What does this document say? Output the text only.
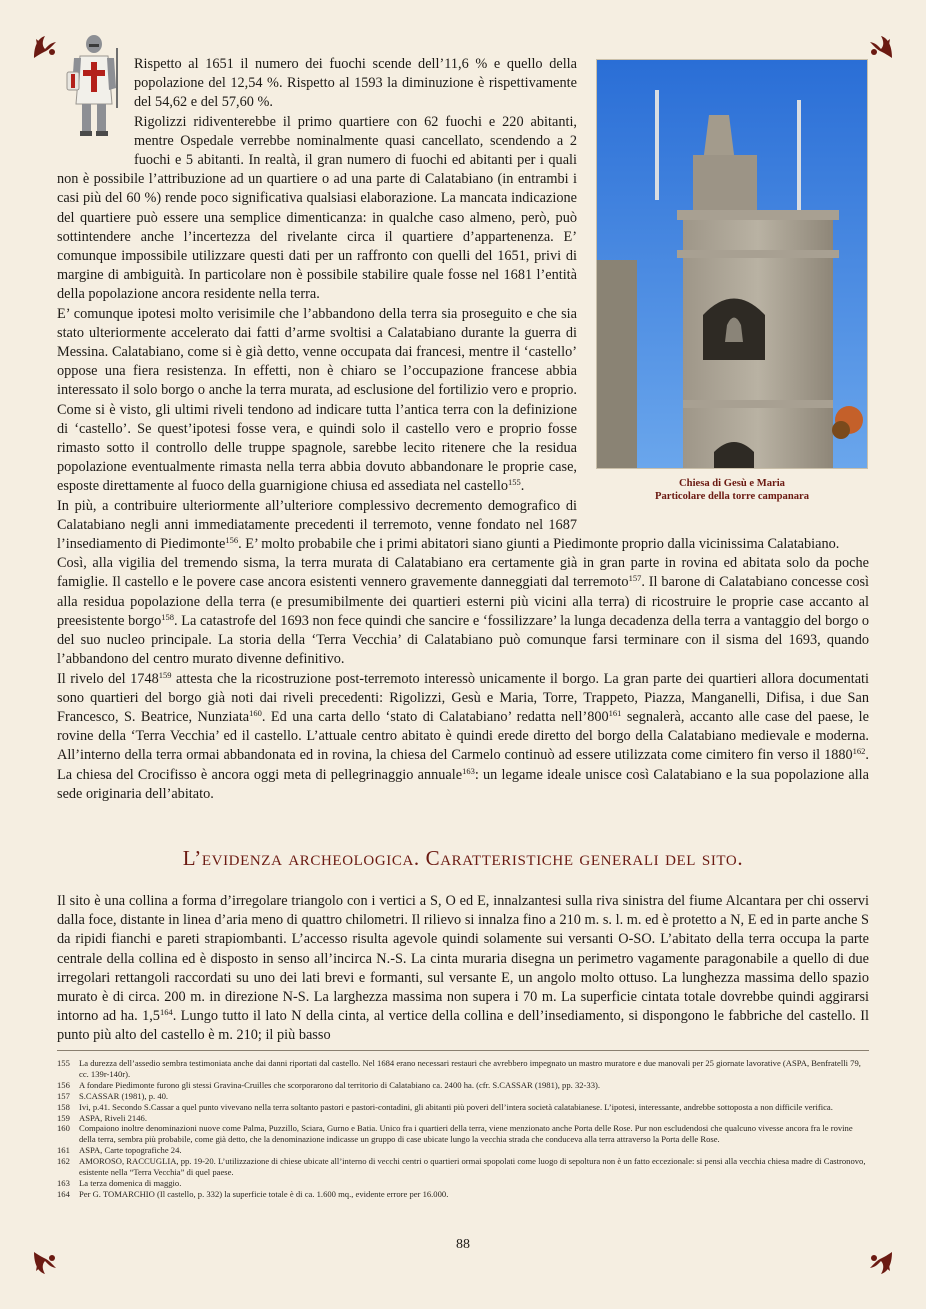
Chiesa di Gesù e Maria
Particolare della torre campanara

Rispetto al 1651 il numero dei fuochi scende dell’11,6 % e quello della popolazione del 12,54 %. Rispetto al 1593 la diminuzione è rispettivamente del 54,62 e del 57,60 %.

Rigolizzi ridiventerebbe il primo quartiere con 62 fuochi e 220 abitanti, mentre Ospedale verrebbe nominalmente quasi cancellato, scendendo a 2 fuochi e 5 abitanti. In realtà, il gran numero di fuochi ed abitanti per i quali non è possibile l’attribuzione ad un quartiere o ad una parte di Calatabiano (in entrambi i casi più del 60 %) rende poco significativa qualsiasi elaborazione. La mancata indicazione del quartiere può essere una semplice dimenticanza: in qualche caso almeno, però, può sottintendere anche l’incertezza del rivelante circa il quartiere d’appartenenza. E’ comunque impossibile utilizzare questi dati per un raffronto con quelli del 1651, privi di margine di ambiguità. In particolare non è possibile stabilire quale fosse nel 1681 l’entità della popolazione ancora residente nella terra.

E’ comunque ipotesi molto verisimile che l’abbandono della terra sia proseguito e che sia stato ulteriormente accelerato dai fatti d’arme svoltisi a Calatabiano durante la guerra di Messina. Calatabiano, come si è già detto, venne occupata dai francesi, mentre il ‘castello’ oppose una fiera resistenza. In effetti, non è chiaro se l’occupazione francese abbia interessato il solo borgo o anche la terra murata, ad esclusione del fortilizio vero e proprio. Come si è visto, gli ultimi riveli tendono ad indicare tutta l’antica terra con la definizione di ‘castello’. Se quest’ipotesi fosse vera, e quindi solo il castello vero e proprio fosse rimasto sotto il controllo delle truppe spagnole, sarebbe lecito ritenere che la residua popolazione eventualmente rimasta nella terra abbia dovuto abbandonare le proprie case, esposte direttamente al fuoco della guarnigione chiusa ed assediata nel castello$^{155}$.

In più, a contribuire ulteriormente all’ulteriore complessivo decremento demografico di Calatabiano negli anni immediatamente precedenti il terremoto, venne fondato nel 1687 l’insediamento di Piedimonte$^{156}$. E’ molto probabile che i primi abitatori siano giunti a Piedimonte proprio dalla vicinissima Calatabiano.

Così, alla vigilia del tremendo sisma, la terra murata di Calatabiano era certamente già in gran parte in rovina ed abitata solo da poche famiglie. Il castello e le povere case ancora esistenti vennero gravemente danneggiati dal terremoto$^{157}$. Il barone di Calatabiano concesse così alla residua popolazione della terra (e presumibilmente dei quartieri esterni più vicini alla terra) di ricostruire le proprie case accanto al preesistente borgo$^{158}$. La catastrofe del 1693 non fece quindi che sancire e ‘fossilizzare’ la lunga decadenza della terra a vantaggio del borgo o del suo nucleo principale. La storia della ‘Terra Vecchia’ di Calatabiano può comunque farsi terminare con il sisma del 1693, quando l’abbandono del centro murato divenne definitivo.

Il rivelo del 1748$^{159}$ attesta che la ricostruzione post-terremoto interessò unicamente il borgo. La gran parte dei quartieri allora documentati sono quartieri del borgo già noti dai riveli precedenti: Rigolizzi, Gesù e Maria, Torre, Trappeto, Piazza, Manganelli, Difisa, i due San Francesco, S. Beatrice, Nunziata$^{160}$. Ed una carta dello ‘stato di Calatabiano’ redatta $nell’800^{161}$ segnalerà, accanto alle case del paese, le rovine della ‘Terra Vecchia’ ed il castello. L’attuale centro abitato è quindi erede diretto del borgo della Calatabiano medievale e moderna. All’interno della terra ormai abbandonata ed in rovina, la chiesa del Carmelo continuò ad essere utilizzata come cimitero fin verso il 1880$^{162}$. La chiesa del Crocifisso è ancora oggi meta di pellegrinaggio annuale$^{163}$: un legame ideale unisce così Calatabiano e la sua popolazione alla sede originaria dell’abitato.

L’evidenza archeologica. Caratteristiche generali del sito.

Il sito è una collina a forma d’irregolare triangolo con i vertici a S, O ed E, innalzantesi sulla riva sinistra del fiume Alcantara per chi osservi dalla foce, distante in linea d’aria meno di quattro chilometri. Il rilievo si innalza fino a 210 m. s. l. m. ed è protetto a N, E ed in parte anche S da ripidi fianchi e pareti strapiombanti. L’accesso risulta agevole quindi solamente sui versanti O-SO. L’abitato della terra occupa la parte centrale della collina ed è disposto in senso all’incirca N.-S. La cinta muraria disegna un perimetro vagamente paragonabile a quello di due irregolari rettangoli raccordati su uno dei lati brevi e formanti, sul versante E, un angolo molto ottuso. La lunghezza massima dello spazio murato è di circa. 200 m. in direzione N-S. La larghezza massima non supera i 70 m. La superficie cintata totale dovrebbe quindi aggirarsi intorno ad ha. $1,5^{164}$. Lungo tutto il lato N della cinta, al vertice della collina e dell’insediamento, si dispongono le fabbriche del castello. Il punto più alto del castello è m. 210; il più basso

155	La durezza dell’assedio sembra testimoniata anche dai danni riportati dal castello. Nel 1684 erano necessari restauri che avrebbero impegnato un mastro muratore e due manovali per 25 giornate lavorative (ASPA, Benfratelli 79, cc. 139r-140r).
156	A fondare Piedimonte furono gli stessi Gravina-Cruilles che scorporarono dal territorio di Calatabiano ca. 2400 ha. (cfr. S.CASSAR (1981), pp. 32-33).
157	S.CASSAR (1981), p. 40.
158	Ivi, p.41. Secondo S.Cassar a quel punto vivevano nella terra soltanto pastori e pastori-contadini, gli abitanti più poveri dell’intera società calatabianese. L’ipotesi, interessante, andrebbe sottoposta a non difficile verifica.
159	ASPA, Riveli 2146.
160	Compaiono inoltre denominazioni nuove come Palma, Puzzillo, Sciara, Gurno e Batia. Unico fra i quartieri della terra, viene menzionato anche Porta delle Rose. Pur non escludendosi che qualcuno vivesse ancora fra le rovine della terra, sembra più probabile, come già detto, che la denominazione indicasse un gruppo di case ubicate lungo la vecchia strada che conduceva alla terra attraverso la Porta delle Rose.
161	ASPA, Carte topografiche 24.
162	AMOROSO, RACCUGLIA, pp. 19-20. L’utilizzazione di chiese ubicate all’interno di vecchi centri o quartieri ormai spopolati come luogo di sepoltura non è un fatto eccezionale: si pensi alla vecchia chiesa madre di Castronovo, esistente nella “Terra Vecchia” di quel paese.
163	La terza domenica di maggio.
164	Per G. TOMARCHIO (Il castello, p. 332) la superficie totale è di ca. 1.600 mq., evidente errore per 16.000.
88
